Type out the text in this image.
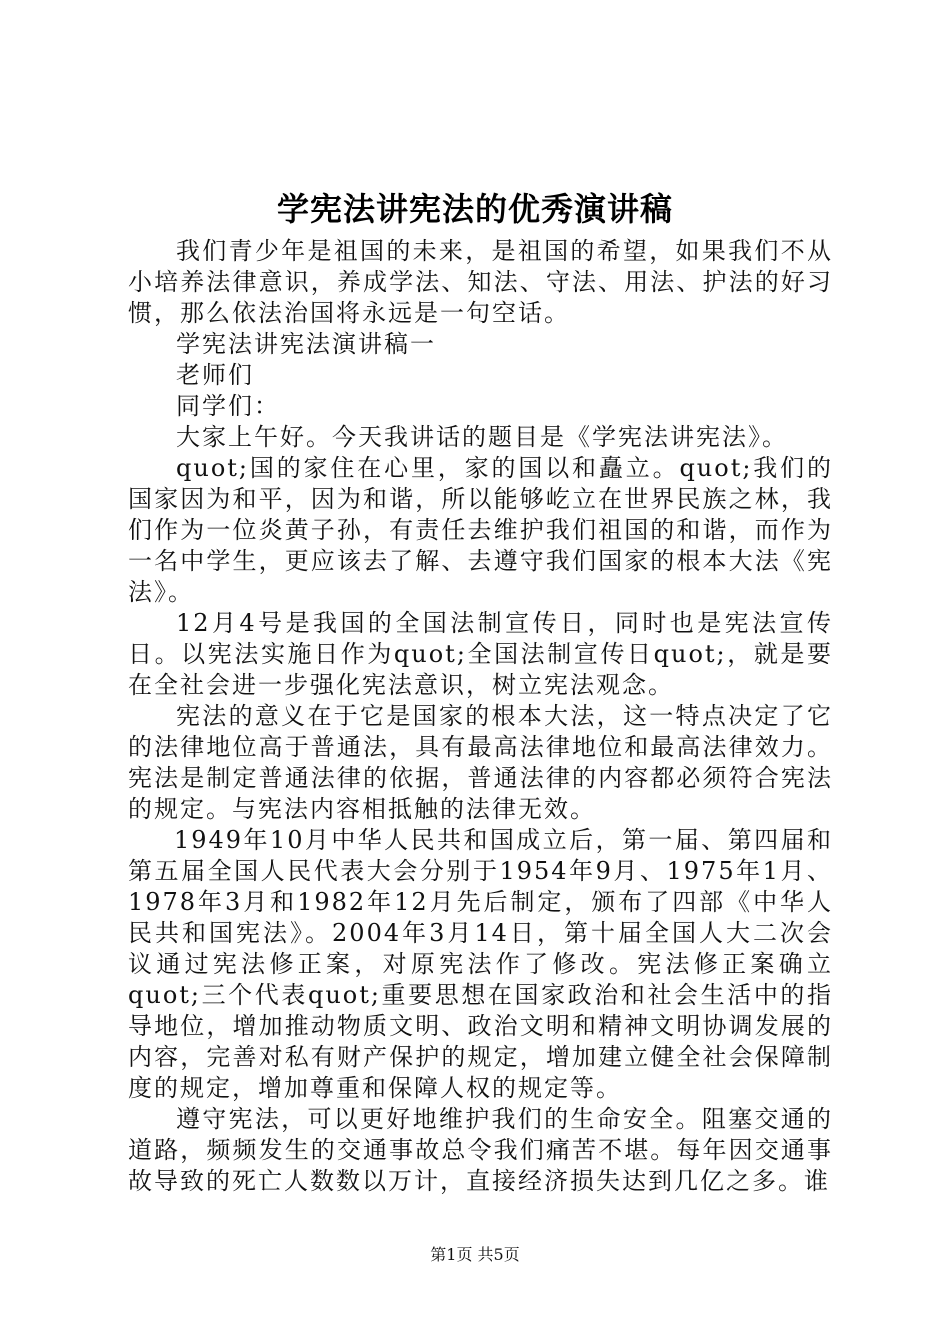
学宪法讲宪法的优秀演讲稿

我们青少年是祖国的未来，是祖国的希望，如果我们不从小培养法律意识，养成学法、知法、守法、用法、护法的好习惯，那么依法治国将永远是一句空话。

学宪法讲宪法演讲稿一

老师们

同学们：

大家上午好。今天我讲话的题目是《学宪法讲宪法》。

quot;国的家住在心里，家的国以和矗立。quot;我们的国家因为和平，因为和谐，所以能够屹立在世界民族之林，我们作为一位炎黄子孙，有责任去维护我们祖国的和谐，而作为一名中学生，更应该去了解、去遵守我们国家的根本大法《宪法》。

12月4号是我国的全国法制宣传日，同时也是宪法宣传日。以宪法实施日作为quot;全国法制宣传日quot;，就是要在全社会进一步强化宪法意识，树立宪法观念。

宪法的意义在于它是国家的根本大法，这一特点决定了它的法律地位高于普通法，具有最高法律地位和最高法律效力。宪法是制定普通法律的依据，普通法律的内容都必须符合宪法的规定。与宪法内容相抵触的法律无效。

1949年10月中华人民共和国成立后，第一届、第四届和第五届全国人民代表大会分别于1954年9月、1975年1月、1978年3月和1982年12月先后制定，颁布了四部《中华人民共和国宪法》。2004年3月14日，第十届全国人大二次会议通过宪法修正案，对原宪法作了修改。宪法修正案确立quot;三个代表quot;重要思想在国家政治和社会生活中的指导地位，增加推动物质文明、政治文明和精神文明协调发展的内容，完善对私有财产保护的规定，增加建立健全社会保障制度的规定，增加尊重和保障人权的规定等。

遵守宪法，可以更好地维护我们的生命安全。阻塞交通的道路，频频发生的交通事故总令我们痛苦不堪。每年因交通事故导致的死亡人数数以万计，直接经济损失达到几亿之多。谁

第1页 共5页
